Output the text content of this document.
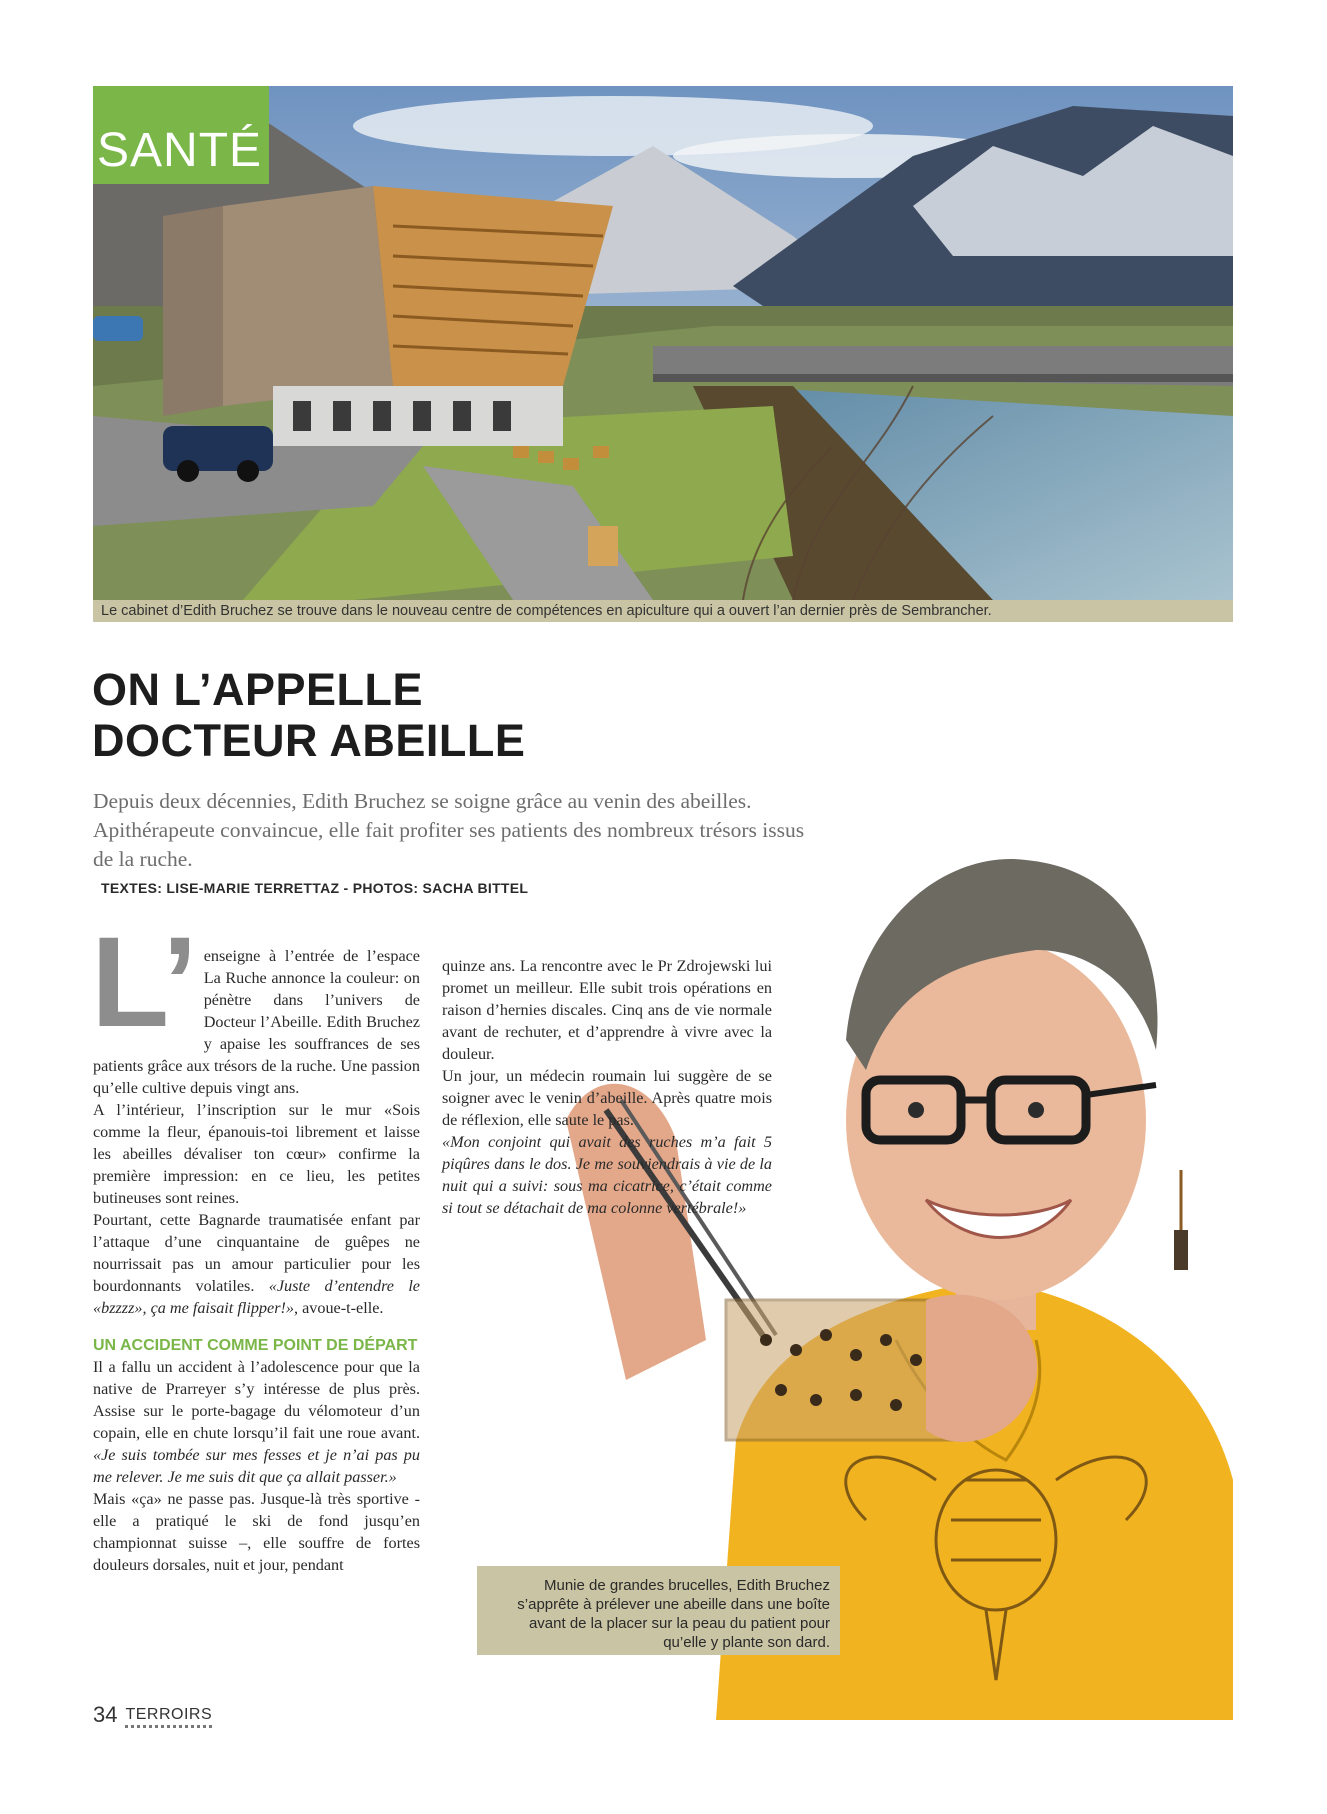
SANTÉ
Le cabinet d’Edith Bruchez se trouve dans le nouveau centre de compétences en apiculture qui a ouvert l’an dernier près de Sembrancher.
ON L’APPELLE
DOCTEUR ABEILLE
Depuis deux décennies, Edith Bruchez se soigne grâce au venin des abeilles.
Apithérapeute convaincue, elle fait profiter ses patients des nombreux trésors issus
de la ruche.
TEXTES: LISE-MARIE TERRETTAZ - PHOTOS: SACHA BITTEL
L’ enseigne à l’entrée de l’espace La Ruche annonce la couleur: on pénètre dans l’univers de Docteur l’Abeille. Edith Bruchez y apaise les souffrances de ses patients grâce aux trésors de la ruche. Une passion qu’elle cultive depuis vingt ans.
A l’intérieur, l’inscription sur le mur «Sois comme la fleur, épanouis-toi librement et laisse les abeilles dévaliser ton cœur» confirme la première impression: en ce lieu, les petites butineuses sont reines.
Pourtant, cette Bagnarde traumatisée enfant par l’attaque d’une cinquantaine de guêpes ne nourrissait pas un amour particulier pour les bourdonnants volatiles. «Juste d’entendre le «bzzzz», ça me faisait flipper!», avoue-t-elle.
UN ACCIDENT COMME POINT DE DÉPART
Il a fallu un accident à l’adolescence pour que la native de Prarreyer s’y intéresse de plus près. Assise sur le porte-bagage du vélomoteur d’un copain, elle en chute lorsqu’il fait une roue avant. «Je suis tombée sur mes fesses et je n’ai pas pu me relever. Je me suis dit que ça allait passer.»
Mais «ça» ne passe pas. Jusque-là très sportive - elle a pratiqué le ski de fond jusqu’en championnat suisse –, elle souffre de fortes douleurs dorsales, nuit et jour, pendant
quinze ans. La rencontre avec le Pr Zdrojewski lui promet un meilleur. Elle subit trois opérations en raison d’hernies discales. Cinq ans de vie normale avant de rechuter, et d’apprendre à vivre avec la douleur.
Un jour, un médecin roumain lui suggère de se soigner avec le venin d’abeille. Après quatre mois de réflexion, elle saute le pas.
«Mon conjoint qui avait des ruches m’a fait 5 piqûres dans le dos. Je me souviendrais à vie de la nuit qui a suivi: sous ma cicatrice, c’était comme si tout se détachait de ma colonne vertébrale!»
Munie de grandes brucelles, Edith Bruchez s’apprête à prélever une abeille dans une boîte avant de la placer sur la peau du patient pour qu’elle y plante son dard.
34 TERROIRS
